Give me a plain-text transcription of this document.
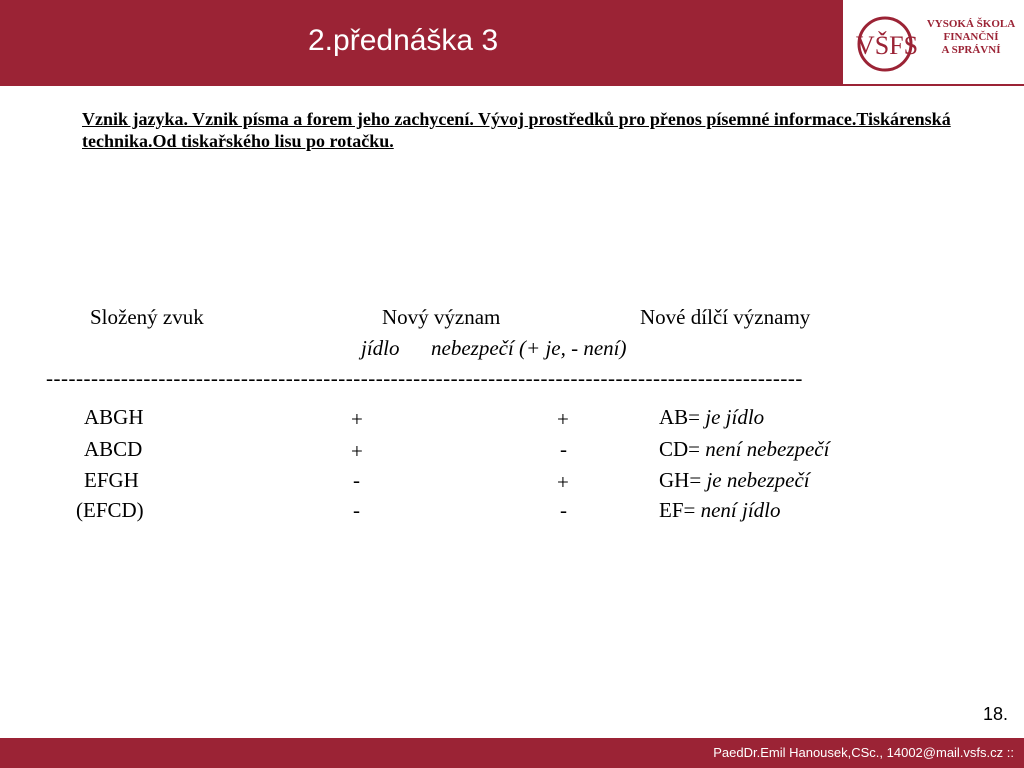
2.přednáška 3	VŠFS
VYSOKÁ ŠKOLA
FINANČNÍ
A SPRÁVNÍ
Vznik jazyka. Vznik písma a forem jeho zachycení. Vývoj prostředků pro přenos písemné informace.Tiskárenská technika.Od tiskařského lisu po rotačku.
Složený zvuk	Nový význam	Nové dílčí významy
jídlo nebezpečí (+ je, - není)
-----------------------------------------------------------------------------------------------------
ABGH	+	+	AB= je jídlo
ABCD	+	-	CD= není nebezpečí
EFGH	-	+	GH= je nebezpečí
(EFCD)	-	-	EF= není jídlo
18.
PaedDr.Emil Hanousek,CSc., 14002@mail.vsfs.cz ::
